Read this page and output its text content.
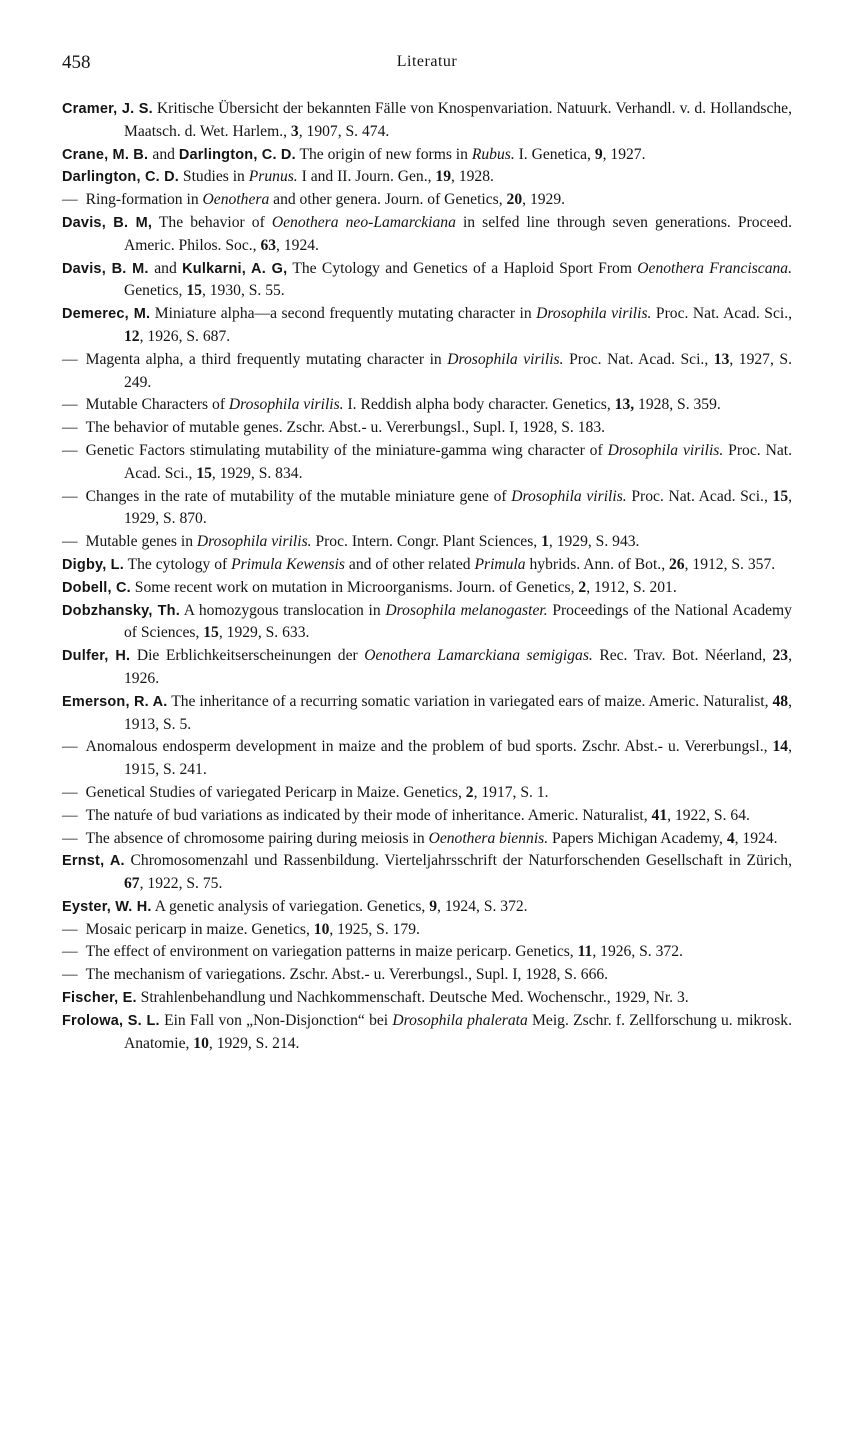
458	Literatur

Cramer, J. S. Kritische Übersicht der bekannten Fälle von Knospenvariation. Natuurk. Verhandl. v. d. Hollandsche, Maatsch. d. Wet. Harlem., 3, 1907, S. 474.

Crane, M. B. and Darlington, C. D. The origin of new forms in Rubus. I. Genetica, 9, 1927.

Darlington, C. D. Studies in Prunus. I and II. Journ. Gen., 19, 1928.

— Ring-formation in Oenothera and other genera. Journ. of Genetics, 20, 1929.

Davis, B. M, The behavior of Oenothera neo-Lamarckiana in selfed line through seven generations. Proceed. Americ. Philos. Soc., 63, 1924.

Davis, B. M. and Kulkarni, A. G, The Cytology and Genetics of a Haploid Sport From Oenothera Franciscana. Genetics, 15, 1930, S. 55.

Demerec, M. Miniature alpha—a second frequently mutating character in Drosophila virilis. Proc. Nat. Acad. Sci., 12, 1926, S. 687.

— Magenta alpha, a third frequently mutating character in Drosophila virilis. Proc. Nat. Acad. Sci., 13, 1927, S. 249.

— Mutable Characters of Drosophila virilis. I. Reddish alpha body character. Genetics, 13, 1928, S. 359.

— The behavior of mutable genes. Zschr. Abst.- u. Vererbungsl., Supl. I, 1928, S. 183.

— Genetic Factors stimulating mutability of the miniature-gamma wing character of Drosophila virilis. Proc. Nat. Acad. Sci., 15, 1929, S. 834.

— Changes in the rate of mutability of the mutable miniature gene of Drosophila virilis. Proc. Nat. Acad. Sci., 15, 1929, S. 870.

— Mutable genes in Drosophila virilis. Proc. Intern. Congr. Plant Sciences, 1, 1929, S. 943.

Digby, L. The cytology of Primula Kewensis and of other related Primula hybrids. Ann. of Bot., 26, 1912, S. 357.

Dobell, C. Some recent work on mutation in Microorganisms. Journ. of Genetics, 2, 1912, S. 201.

Dobzhansky, Th. A homozygous translocation in Drosophila melanogaster. Proceedings of the National Academy of Sciences, 15, 1929, S. 633.

Dulfer, H. Die Erblichkeitserscheinungen der Oenothera Lamarckiana semigigas. Rec. Trav. Bot. Néerland, 23, 1926.

Emerson, R. A. The inheritance of a recurring somatic variation in variegated ears of maize. Americ. Naturalist, 48, 1913, S. 5.

— Anomalous endosperm development in maize and the problem of bud sports. Zschr. Abst.- u. Vererbungsl., 14, 1915, S. 241.

— Genetical Studies of variegated Pericarp in Maize. Genetics, 2, 1917, S. 1.

— The natuŕe of bud variations as indicated by their mode of inheritance. Americ. Naturalist, 41, 1922, S. 64.

— The absence of chromosome pairing during meiosis in Oenothera biennis. Papers Michigan Academy, 4, 1924.

Ernst, A. Chromosomenzahl und Rassenbildung. Vierteljahrsschrift der Naturforschenden Gesellschaft in Zürich, 67, 1922, S. 75.

Eyster, W. H. A genetic analysis of variegation. Genetics, 9, 1924, S. 372.

— Mosaic pericarp in maize. Genetics, 10, 1925, S. 179.

— The effect of environment on variegation patterns in maize pericarp. Genetics, 11, 1926, S. 372.

— The mechanism of variegations. Zschr. Abst.- u. Vererbungsl., Supl. I, 1928, S. 666.

Fischer, E. Strahlenbehandlung und Nachkommenschaft. Deutsche Med. Wochenschr., 1929, Nr. 3.

Frolowa, S. L. Ein Fall von „Non-Disjonction“ bei Drosophila phalerata Meig. Zschr. f. Zellforschung u. mikrosk. Anatomie, 10, 1929, S. 214.
